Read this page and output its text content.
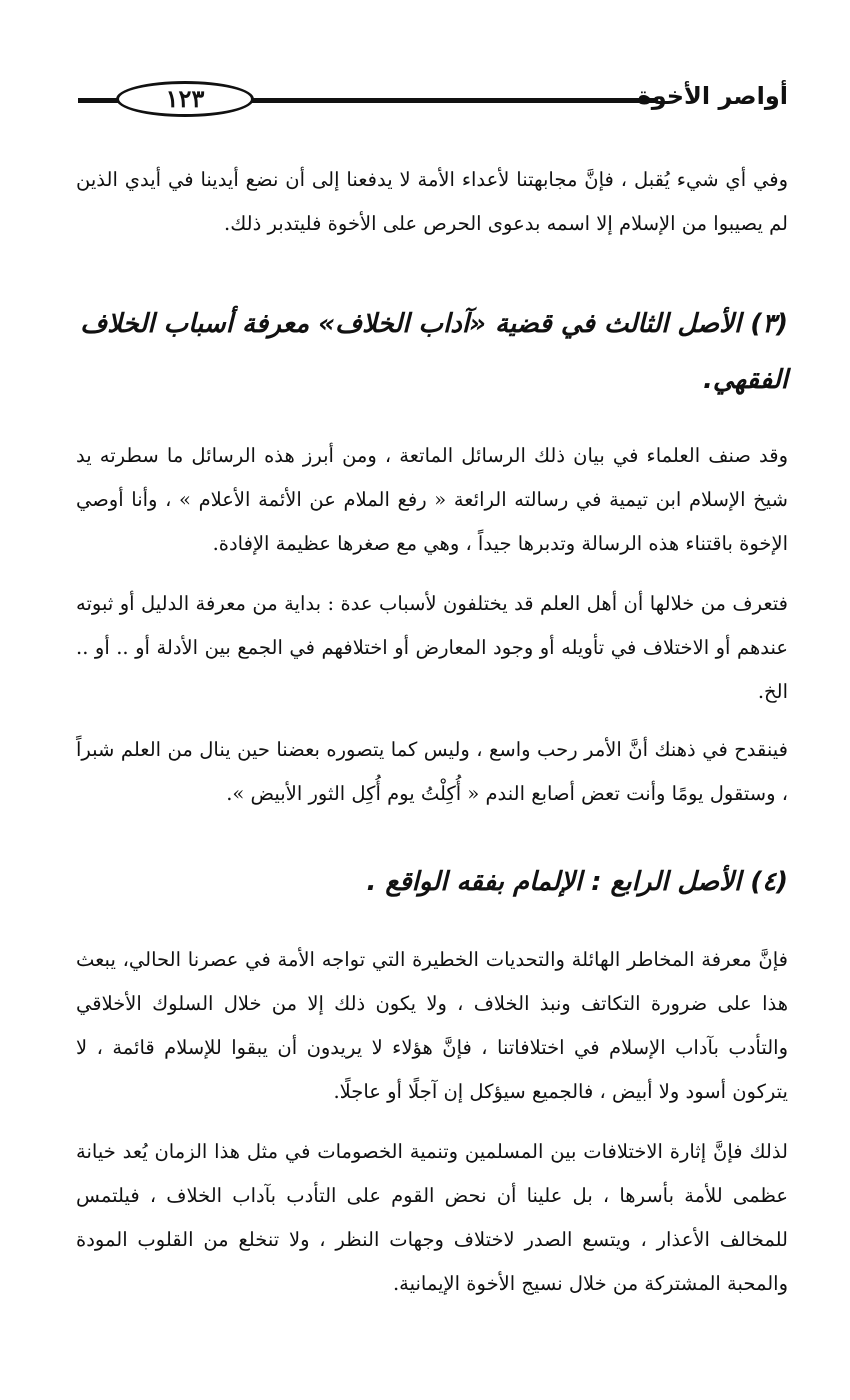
١٢٣	أواصر الأخوة

وفي أي شيء يُقبل ، فإنَّ مجابهتنا لأعداء الأمة لا يدفعنا إلى أن نضع أيدينا في أيدي الذين لم يصيبوا من الإسلام إلا اسمه بدعوى الحرص على الأخوة فليتدبر ذلك.

(٣) الأصل الثالث في قضية «آداب الخلاف» معرفة أسباب الخلاف الفقهي.

وقد صنف العلماء في بيان ذلك الرسائل الماتعة ، ومن أبرز هذه الرسائل ما سطرته يد شيخ الإسلام ابن تيمية في رسالته الرائعة « رفع الملام عن الأئمة الأعلام » ، وأنا أوصي الإخوة باقتناء هذه الرسالة وتدبرها جيداً ، وهي مع صغرها عظيمة الإفادة.

فتعرف من خلالها أن أهل العلم قد يختلفون لأسباب عدة : بداية من معرفة الدليل أو ثبوته عندهم أو الاختلاف في تأويله أو وجود المعارض أو اختلافهم في الجمع بين الأدلة أو .. أو .. الخ.

فينقدح في ذهنك أنَّ الأمر رحب واسع ، وليس كما يتصوره بعضنا حين ينال من العلم شبراً ، وستقول يومًا وأنت تعض أصابع الندم « أُكِلْتُ يوم أُكِل الثور الأبيض ».

(٤) الأصل الرابع : الإلمام بفقه الواقع .

فإنَّ معرفة المخاطر الهائلة والتحديات الخطيرة التي تواجه الأمة في عصرنا الحالي، يبعث هذا على ضرورة التكاتف ونبذ الخلاف ، ولا يكون ذلك إلا من خلال السلوك الأخلاقي والتأدب بآداب الإسلام في اختلافاتنا ، فإنَّ هؤلاء لا يريدون أن يبقوا للإسلام قائمة ، لا يتركون أسود ولا أبيض ، فالجميع سيؤكل إن آجلًا أو عاجلًا.

لذلك فإنَّ إثارة الاختلافات بين المسلمين وتنمية الخصومات في مثل هذا الزمان يُعد خيانة عظمى للأمة بأسرها ، بل علينا أن نحض القوم على التأدب بآداب الخلاف ، فيلتمس للمخالف الأعذار ، ويتسع الصدر لاختلاف وجهات النظر ، ولا تنخلع من القلوب المودة والمحبة المشتركة من خلال نسيج الأخوة الإيمانية.
